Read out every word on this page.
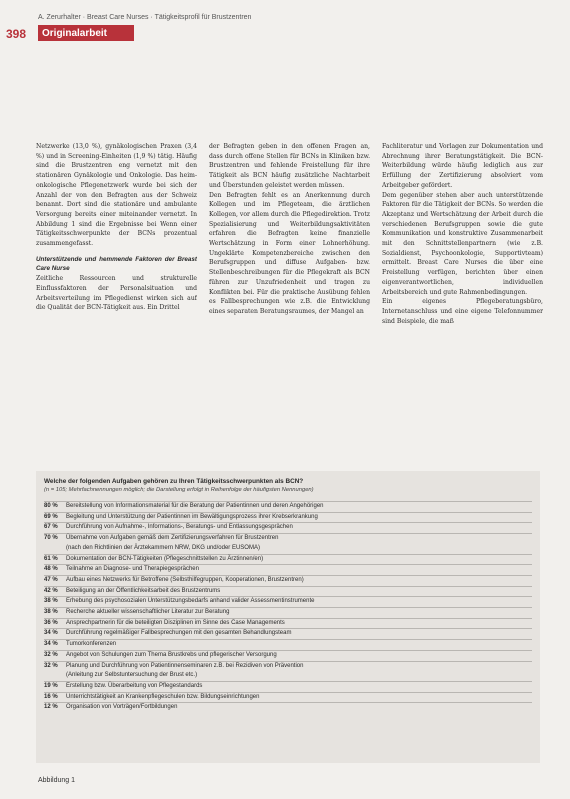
A. Zerurhalter · Breast Care Nurses · Tätigkeitsprofil für Brustzentren
398	Originalarbeit

Netzwerke (13,0 %), gynäkologischen Praxen (3,4 %) und in Screening-Einheiten (1,9 %) tätig. Häufig sind die Brustzentren eng vernetzt mit den stationären Gynäkologie und Onkologie. Das heimonkologische Pflegenetzwerk wurde bei sich der Anzahl der von den Befragten aus der Schweiz benannt. Dort sind die stationäre und ambulante Versorgung bereits einer miteinander vernetzt. In Abbildung 1 sind die Ergebnisse bei Wenn einer Tätigkeitsschwerpunkte der BCNs prozentual zusammengefasst.

Unterstützende und hemmende Faktoren der Breast Care Nurse

Zeitliche Ressourcen und strukturelle Einflussfaktoren der Personalsituation und Arbeitsverteilung im Pflegedienst wirken sich auf die Qualität der BCN-Tätigkeit aus. Ein Drittel

der Befragten geben in den offenen Fragen an, dass durch offene Stellen für BCNs in Kliniken bzw. Brustzentren und fehlende Freistellung für ihre Tätigkeit als BCN häufig zusätzliche Nachtarbeit und Überstunden geleistet werden müssen.

Den Befragten fehlt es an Anerkennung durch Kollegen und im Pflegeteam, die ärztlichen Kollegen, vor allem durch die Pflegedirektion. Trotz Spezialisierung und Weiterbildungsaktivitäten erfahren die Befragten keine finanzielle Wertschätzung in Form einer Lohnerhöhung. Ungeklärte Kompetenzbereiche zwischen den Berufsgruppen und diffuse Aufgaben- bzw. Stellenbeschreibungen für die Pflegekraft als BCN führen zur Unzufriedenheit und tragen zu Konflikten bei. Für die praktische Ausübung fehlen es Fallbesprechungen wie z.B. die Entwicklung eines separaten Beratungsraumes, der Mangel an

Fachliteratur und Vorlagen zur Dokumentation und Abrechnung ihrer Beratungstätigkeit. Die BCN-Weiterbildung würde häufig lediglich aus zur Erfüllung der Zertifizierung absolviert vom Arbeitgeber gefördert.

Dem gegenüber stehen aber auch unterstützende Faktoren für die Tätigkeit der BCNs. So werden die Akzeptanz und Wertschätzung der Arbeit durch die verschiedenen Berufsgruppen sowie die gute Kommunikation und konstruktive Zusammenarbeit mit den Schnittstellenpartnern (wie z.B. Sozialdienst, Psychoonkologie, Supportivteam) ermittelt. Breast Care Nurses die über eine Freistellung verfügen, berichten über einen eigenverantwortlichen, individuellen Arbeitsbereich und gute Rahmenbedingungen.

Ein eigenes Pflegeberatungsbüro, Internetanschluss und eine eigene Telefonnummer sind Beispiele, die maß

Welche der folgenden Aufgaben gehören zu Ihren Tätigkeitsschwerpunkten als BCN?
(n = 105; Mehrfachnennungen möglich; die Darstellung erfolgt in Reihenfolge der häufigsten Nennungen)
80 %	Bereitstellung von Informationsmaterial für die Beratung der Patientinnen und deren Angehörigen
69 %	Begleitung und Unterstützung der Patientinnen im Bewältigungsprozess ihrer Krebserkrankung
67 %	Durchführung von Aufnahme-, Informations-, Beratungs- und Entlassungsgesprächen
70 %	Übernahme von Aufgaben gemäß dem Zertifizierungsverfahren für Brustzentren
(nach den Richtlinien der Ärztekammern NRW, DKG und/oder EUSOMA)
61 %	Dokumentation der BCN-Tätigkeiten (Pflegeschnittstellen zu Ärztinnen/en)
48 %	Teilnahme an Diagnose- und Therapiegesprächen
47 %	Aufbau eines Netzwerks für Betroffene (Selbsthilfegruppen, Kooperationen, Brustzentren)
42 %	Beteiligung an der Öffentlichkeitsarbeit des Brustzentrums
38 %	Erhebung des psychosozialen Unterstützungsbedarfs anhand valider Assessmentinstrumente
38 %	Recherche aktueller wissenschaftlicher Literatur zur Beratung
36 %	Ansprechpartnerin für die beteiligten Disziplinen im Sinne des Case Managements
34 %	Durchführung regelmäßiger Fallbesprechungen mit den gesamten Behandlungsteam
34 %	Tumorkonferenzen
32 %	Angebot von Schulungen zum Thema Brustkrebs und pflegerischer Versorgung
32 %	Planung und Durchführung von Patientinnenseminaren z.B. bei Rezidiven von Prävention
(Anleitung zur Selbstuntersuchung der Brust etc.)
19 %	Erstellung bzw. Überarbeitung von Pflegestandards
16 %	Unterrichtstätigkeit an Krankenpflegeschulen bzw. Bildungseinrichtungen
12 %	Organisation von Vorträgen/Fortbildungen
Abbildung 1
